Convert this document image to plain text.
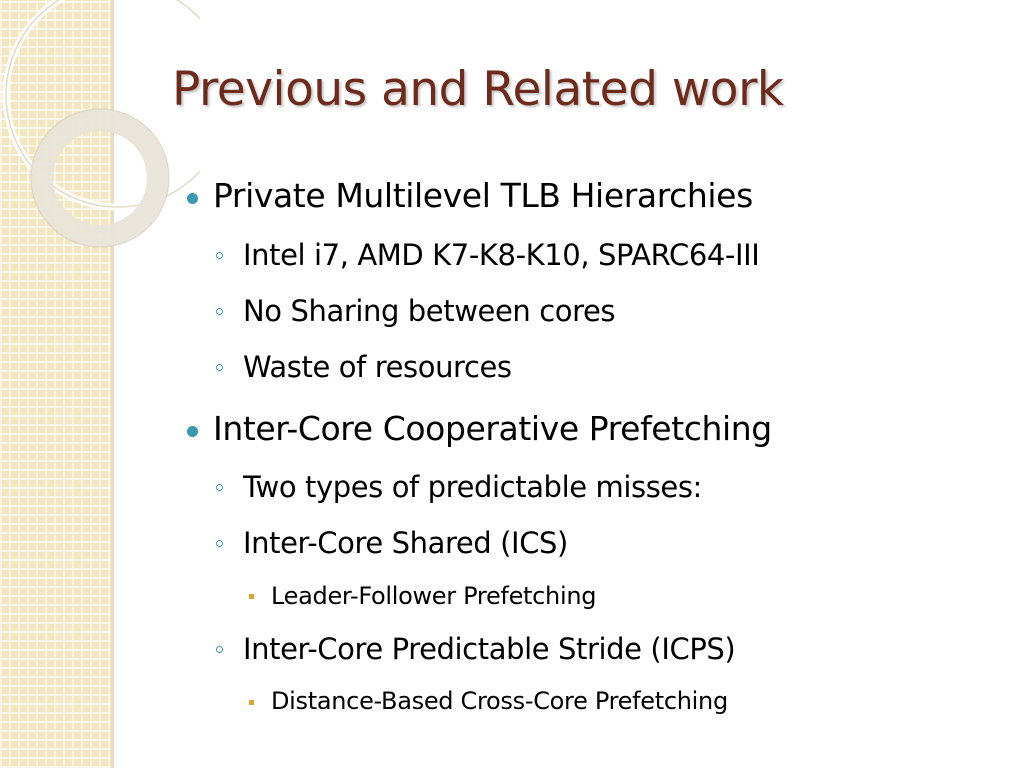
Previous and Related work
Private Multilevel TLB Hierarchies
Intel i7, AMD K7-K8-K10, SPARC64-III
No Sharing between cores
Waste of resources
Inter-Core Cooperative Prefetching
Two types of predictable misses:
Inter-Core Shared (ICS)
Leader-Follower Prefetching
Inter-Core Predictable Stride (ICPS)
Distance-Based Cross-Core Prefetching
